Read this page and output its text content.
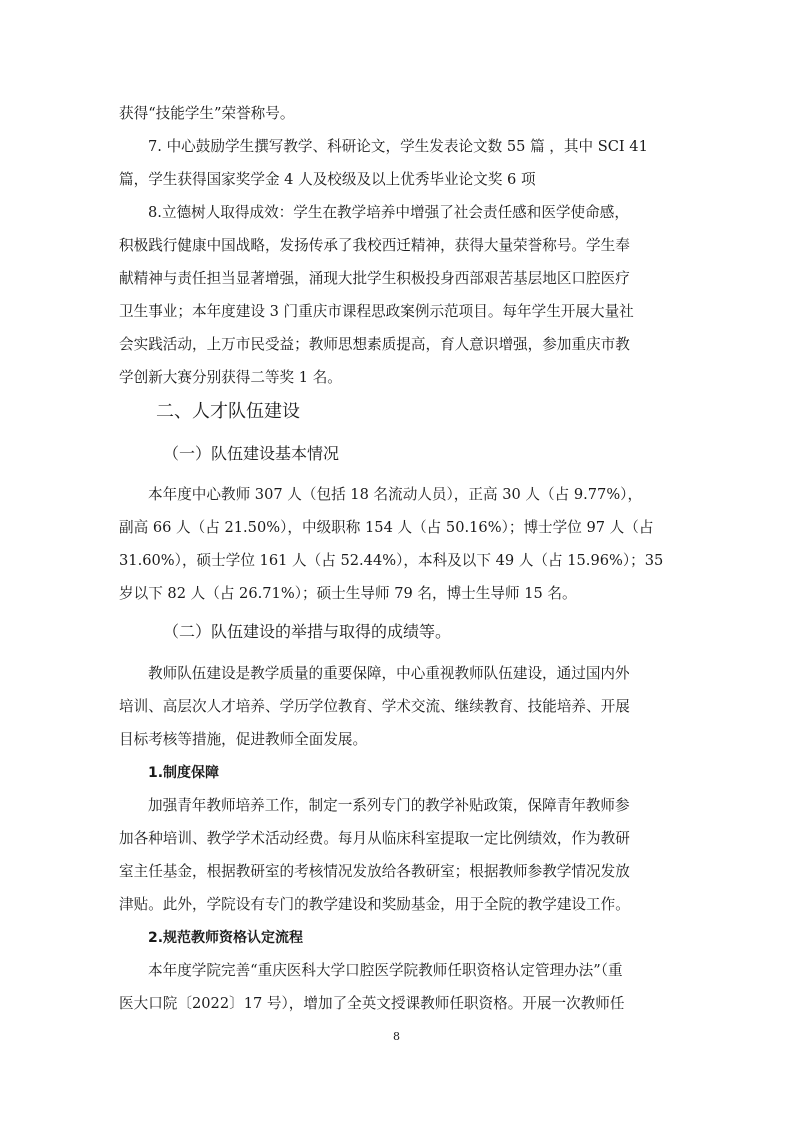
获得“技能学生”荣誉称号。
7. 中心鼓励学生撰写教学、科研论文，学生发表论文数 55 篇 ，其中 SCI 41
篇，学生获得国家奖学金 4 人及校级及以上优秀毕业论文奖 6 项
8.立德树人取得成效：学生在教学培养中增强了社会责任感和医学使命感，
积极践行健康中国战略，发扬传承了我校西迁精神，获得大量荣誉称号。学生奉
献精神与责任担当显著增强，涌现大批学生积极投身西部艰苦基层地区口腔医疗
卫生事业；本年度建设 3 门重庆市课程思政案例示范项目。每年学生开展大量社
会实践活动，上万市民受益；教师思想素质提高，育人意识增强，参加重庆市教
学创新大赛分别获得二等奖 1 名。
二、人才队伍建设
（一）队伍建设基本情况
本年度中心教师 307 人（包括 18 名流动人员），正高 30 人（占 9.77%），
副高 66 人（占 21.50%），中级职称 154 人（占 50.16%）；博士学位 97 人（占
31.60%），硕士学位 161 人（占 52.44%），本科及以下 49 人（占 15.96%）；35
岁以下 82 人（占 26.71%）；硕士生导师 79 名，博士生导师 15 名。
（二）队伍建设的举措与取得的成绩等。
教师队伍建设是教学质量的重要保障，中心重视教师队伍建设，通过国内外
培训、高层次人才培养、学历学位教育、学术交流、继续教育、技能培养、开展
目标考核等措施，促进教师全面发展。
1.制度保障
加强青年教师培养工作，制定一系列专门的教学补贴政策，保障青年教师参
加各种培训、教学学术活动经费。每月从临床科室提取一定比例绩效，作为教研
室主任基金，根据教研室的考核情况发放给各教研室；根据教师参教学情况发放
津贴。此外，学院设有专门的教学建设和奖励基金，用于全院的教学建设工作。
2.规范教师资格认定流程
本年度学院完善“重庆医科大学口腔医学院教师任职资格认定管理办法”（重
医大口院〔2022〕17 号），增加了全英文授课教师任职资格。开展一次教师任
8
